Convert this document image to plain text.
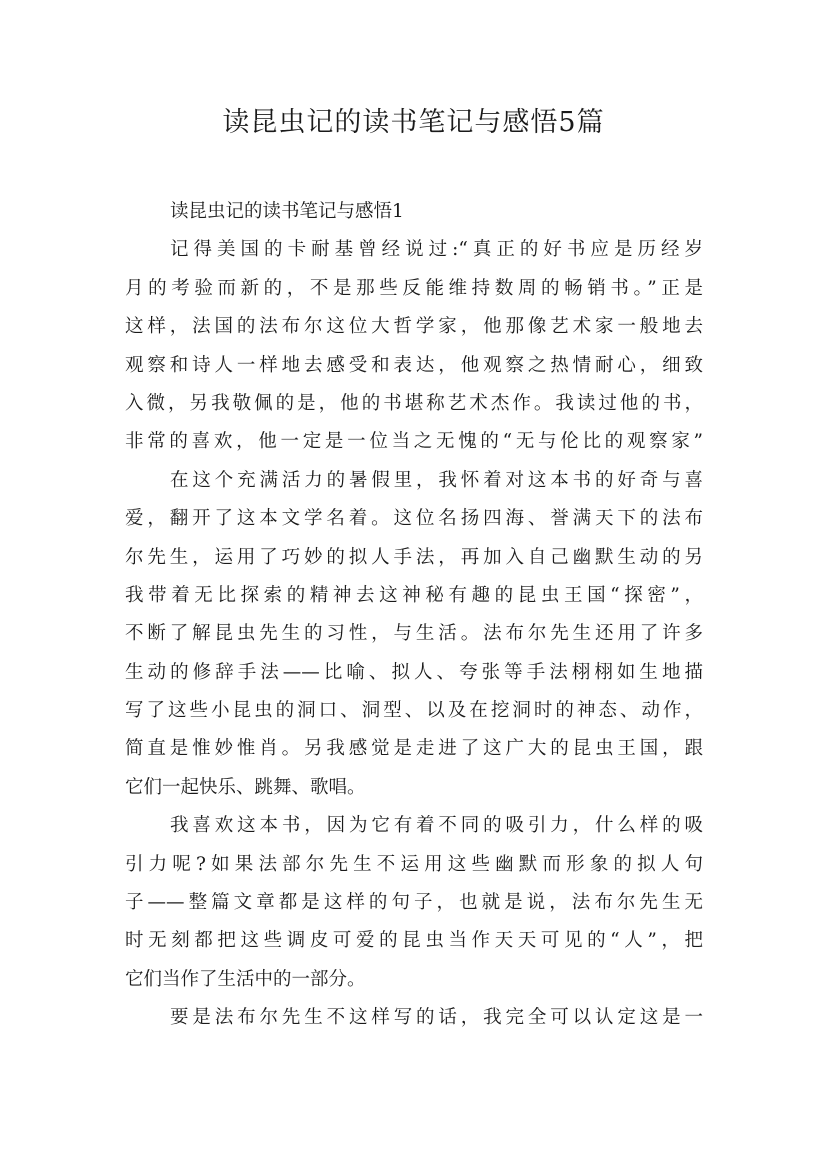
读昆虫记的读书笔记与感悟5篇
读昆虫记的读书笔记与感悟1
记得美国的卡耐基曾经说过:“真正的好书应是历经岁
月的考验而新的，不是那些反能维持数周的畅销书。”正是
这样，法国的法布尔这位大哲学家，他那像艺术家一般地去
观察和诗人一样地去感受和表达，他观察之热情耐心，细致
入微，另我敬佩的是，他的书堪称艺术杰作。我读过他的书，
非常的喜欢，他一定是一位当之无愧的“无与伦比的观察家”
在这个充满活力的暑假里，我怀着对这本书的好奇与喜
爱，翻开了这本文学名着。这位名扬四海、誉满天下的法布
尔先生，运用了巧妙的拟人手法，再加入自己幽默生动的另
我带着无比探索的精神去这神秘有趣的昆虫王国“探密”，
不断了解昆虫先生的习性，与生活。法布尔先生还用了许多
生动的修辞手法——比喻、拟人、夸张等手法栩栩如生地描
写了这些小昆虫的洞口、洞型、以及在挖洞时的神态、动作，
简直是惟妙惟肖。另我感觉是走进了这广大的昆虫王国，跟
它们一起快乐、跳舞、歌唱。
我喜欢这本书，因为它有着不同的吸引力，什么样的吸
引力呢?如果法部尔先生不运用这些幽默而形象的拟人句
子——整篇文章都是这样的句子，也就是说，法布尔先生无
时无刻都把这些调皮可爱的昆虫当作天天可见的“人”，把
它们当作了生活中的一部分。
要是法布尔先生不这样写的话，我完全可以认定这是一
